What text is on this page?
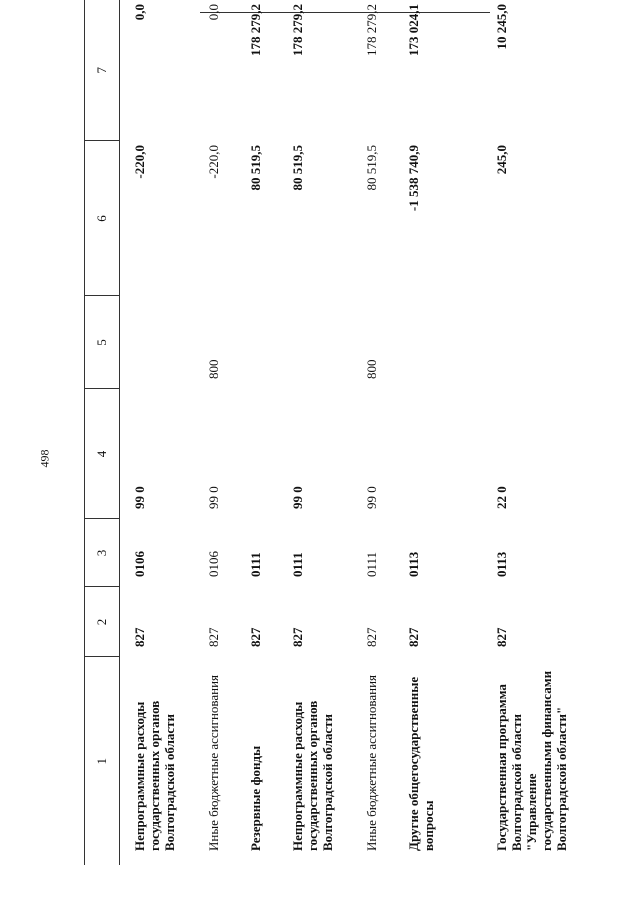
498
1	2	3	4	5	6	7
Непрограммные расходы государственных органов Волгоградской области	827	0106	99 0		-220,0	0,0
Иные бюджетные ассигнования	827	0106	99 0	800	-220,0	0,0
Резервные фонды	827	0111			80 519,5	178 279,2
Непрограммные расходы государственных органов Волгоградской области	827	0111	99 0		80 519,5	178 279,2
Иные бюджетные ассигнования	827	0111	99 0	800	80 519,5	178 279,2
Другие общегосударственные вопросы	827	0113			-1 538 740,9	173 024,1
Государственная программа Волгоградской области "Управление государственными финансами Волгоградской области"	827	0113	22 0		245,0	10 245,0
